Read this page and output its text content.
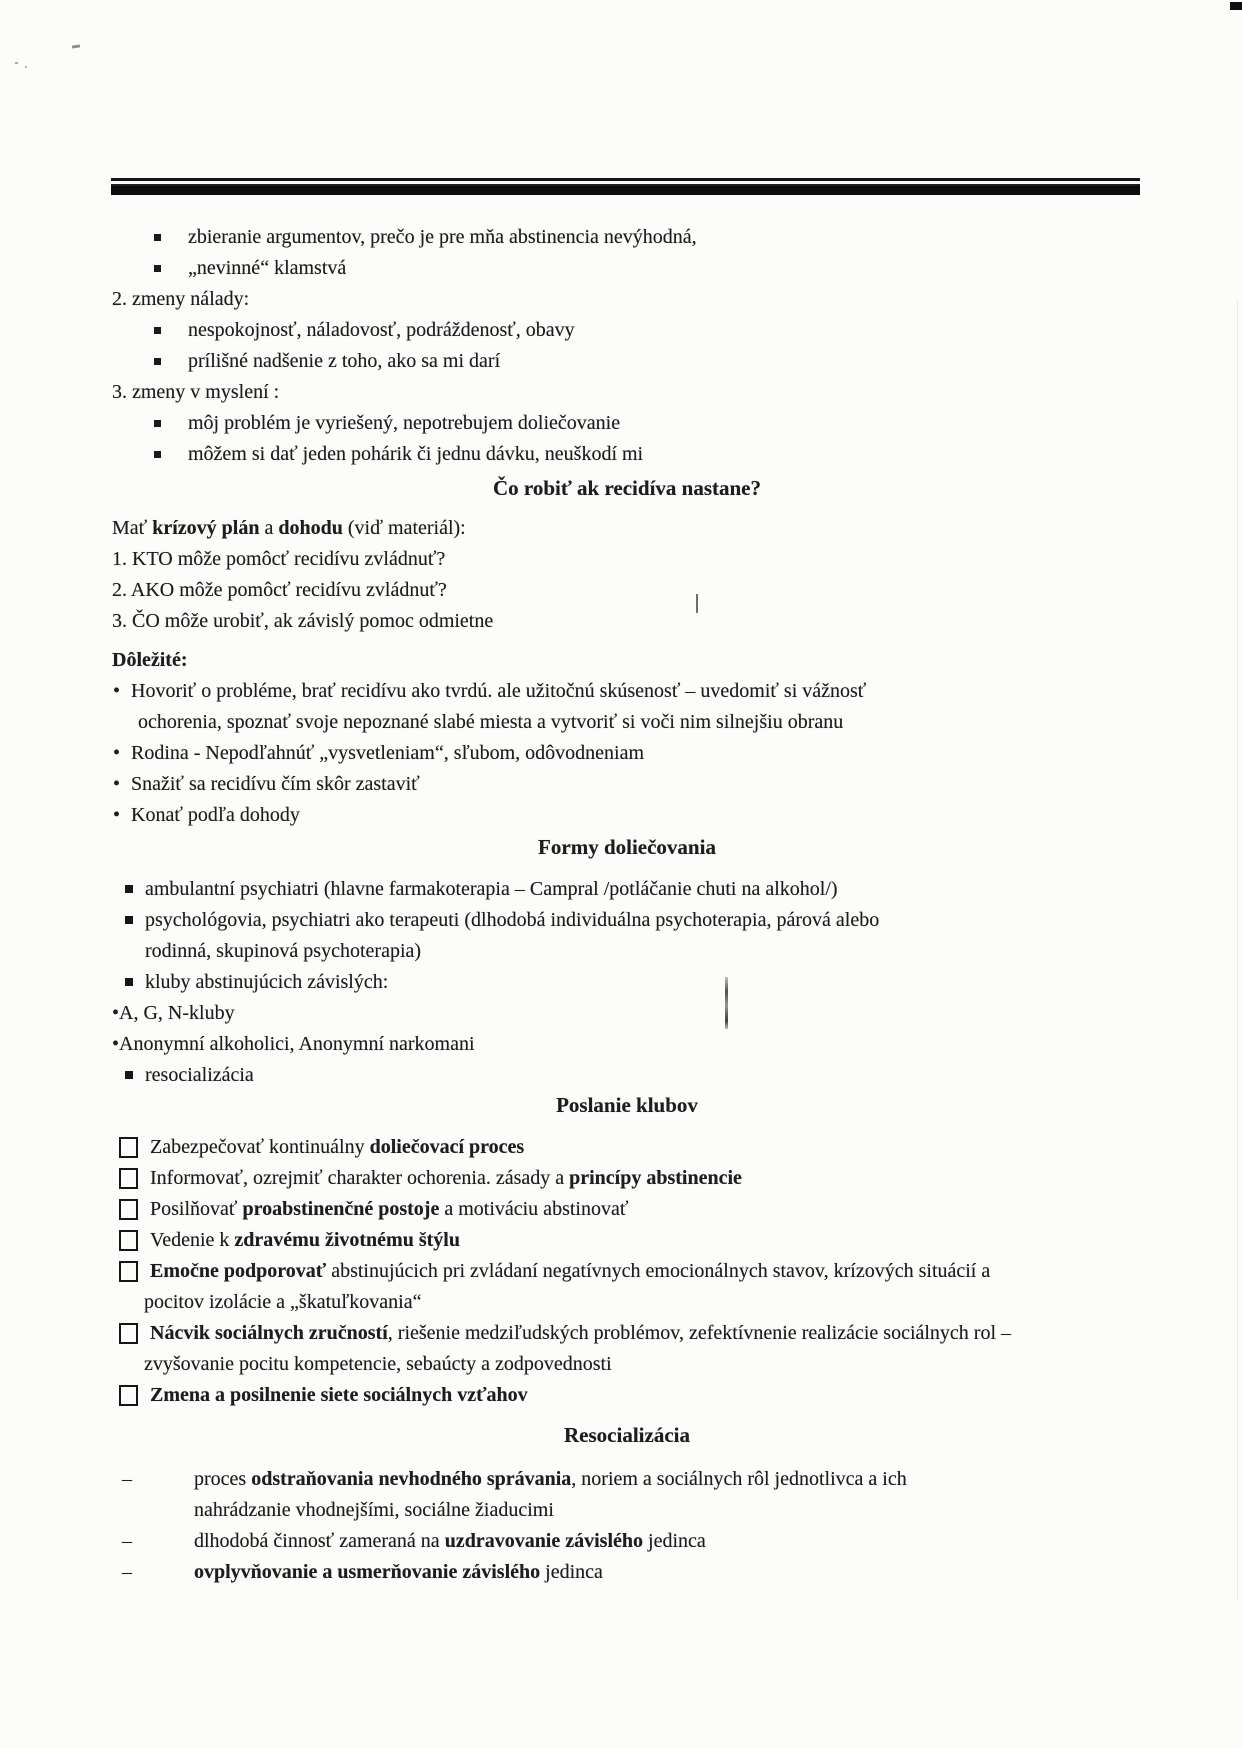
zbieranie argumentov, prečo je pre mňa abstinencia nevýhodná,
„nevinné“ klamstvá
2. zmeny nálady:
nespokojnosť, náladovosť, podráždenosť, obavy
prílišné nadšenie z toho, ako sa mi darí
3. zmeny v myslení :
môj problém je vyriešený, nepotrebujem doliečovanie
môžem si dať jeden pohárik či jednu dávku, neuškodí mi
Čo robiť ak recidíva nastane?
Mať krízový plán a dohodu (viď materiál):
1. KTO môže pomôcť recidívu zvládnuť?
2. AKO môže pomôcť recidívu zvládnuť?
3. ČO môže urobiť, ak závislý pomoc odmietne
Dôležité:
• Hovoriť o probléme, brať recidívu ako tvrdú. ale užitočnú skúsenosť – uvedomiť si vážnosť
ochorenia, spoznať svoje nepoznané slabé miesta a vytvoriť si voči nim silnejšiu obranu
• Rodina - Nepodľahnúť „vysvetleniam“, sľubom, odôvodneniam
• Snažiť sa recidívu čím skôr zastaviť
• Konať podľa dohody
Formy doliečovania
ambulantní psychiatri (hlavne farmakoterapia – Campral /potláčanie chuti na alkohol/)
psychológovia, psychiatri ako terapeuti (dlhodobá individuálna psychoterapia, párová alebo
rodinná, skupinová psychoterapia)
kluby abstinujúcich závislých:
•A, G, N-kluby
•Anonymní alkoholici, Anonymní narkomani
resocializácia
Poslanie klubov
Zabezpečovať kontinuálny doliečovací proces
Informovať, ozrejmiť charakter ochorenia. zásady a princípy abstinencie
Posilňovať proabstinenčné postoje a motiváciu abstinovať
Vedenie k zdravému životnému štýlu
Emočne podporovať abstinujúcich pri zvládaní negatívnych emocionálnych stavov, krízových situácií a
pocitov izolácie a „škatuľkovania“
Nácvik sociálnych zručností, riešenie medziľudských problémov, zefektívnenie realizácie sociálnych rol –
zvyšovanie pocitu kompetencie, sebaúcty a zodpovednosti
Zmena a posilnenie siete sociálnych vzťahov
Resocializácia
–	proces odstraňovania nevhodného správania, noriem a sociálnych rôl jednotlivca a ich
nahrádzanie vhodnejšími, sociálne žiaducimi
–	dlhodobá činnosť zameraná na uzdravovanie závislého jedinca
–	ovplyvňovanie a usmerňovanie závislého jedinca
